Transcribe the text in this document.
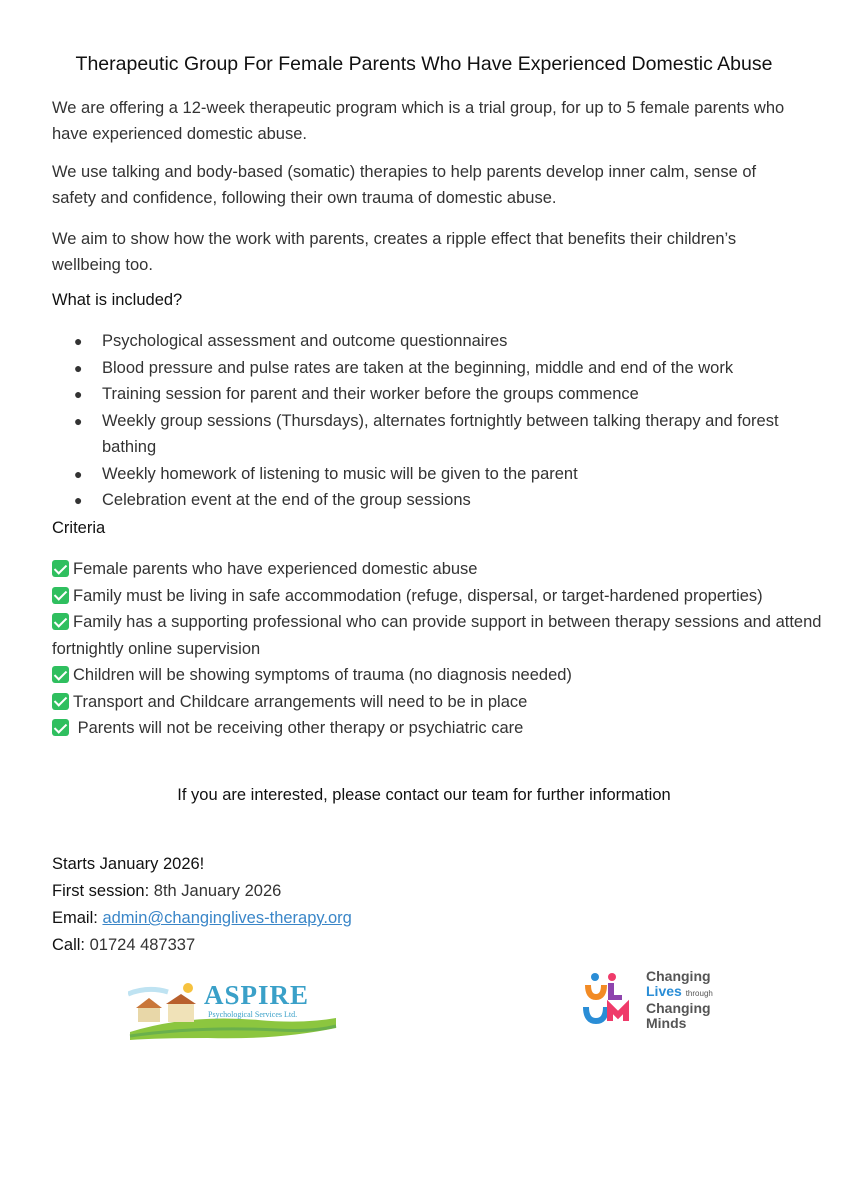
Therapeutic Group For Female Parents Who Have Experienced Domestic Abuse
We are offering a 12-week therapeutic program which is a trial group, for up to 5 female parents who have experienced domestic abuse.
We use talking and body-based (somatic) therapies to help parents develop inner calm, sense of safety and confidence, following their own trauma of domestic abuse.
We aim to show how the work with parents, creates a ripple effect that benefits their children’s wellbeing too.
What is included?
● Psychological assessment and outcome questionnaires
● Blood pressure and pulse rates are taken at the beginning, middle and end of the work
● Training session for parent and their worker before the groups commence
● Weekly group sessions (Thursdays), alternates fortnightly between talking therapy and forest bathing
● Weekly homework of listening to music will be given to the parent
● Celebration event at the end of the group sessions
Criteria
Female parents who have experienced domestic abuse
Family must be living in safe accommodation (refuge, dispersal, or target-hardened properties)
Family has a supporting professional who can provide support in between therapy sessions and attend fortnightly online supervision
Children will be showing symptoms of trauma (no diagnosis needed)
Transport and Childcare arrangements will need to be in place
Parents will not be receiving other therapy or psychiatric care
If you are interested, please contact our team for further information
Starts January 2026!
First session: 8th January 2026
Email: admin@changinglives-therapy.org
Call: 01724 487337
ASPIRE
Psychological Services Ltd.
Changing
Lives through
Changing
Minds
